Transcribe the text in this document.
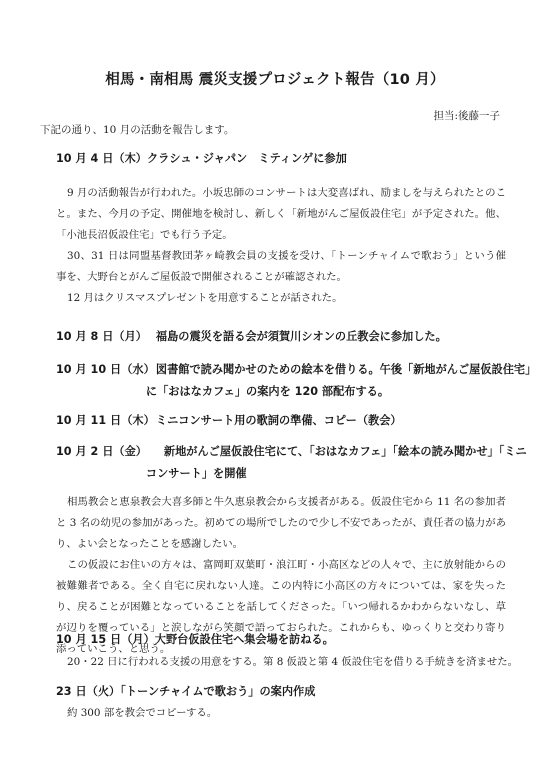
相馬・南相馬 震災支援プロジェクト報告（10 月）
担当:後藤一子
下記の通り、10 月の活動を報告します。
10 月 4 日（木）クラシュ・ジャパン　ミティンゲに参加
9 月の活動報告が行われた。小坂忠師のコンサートは大変喜ばれ、励ましを与えられたとのこと。また、今月の予定、開催地を検討し、新しく「新地がんご屋仮設住宅」が予定された。他、「小池長沼仮設住宅」でも行う予定。
30、31 日は同盟基督教団茅ヶ崎教会員の支援を受け、「トーンチャイムで歌おう」という催事を、大野台とがんご屋仮設で開催されることが確認された。
12 月はクリスマスプレゼントを用意することが話された。
10 月 8 日（月） 福島の震災を語る会が須賀川シオンの丘教会に参加した。
10 月 10 日（水） 図書館で読み聞かせのための絵本を借りる。午後「新地がんご屋仮設住宅」
に「おはなカフェ」の案内を 120 部配布する。
10 月 11 日（木） ミニコンサート用の歌詞の準備、コピー（教会）
10 月 2 日（金） 新地がんご屋仮設住宅にて、「おはなカフェ」「絵本の読み聞かせ」「ミニ
コンサート」を開催
相馬教会と恵泉教会大喜多師と牛久恵泉教会から支援者がある。仮設住宅から 11 名の参加者と 3 名の幼児の参加があった。初めての場所でしたので少し不安であったが、責任者の協力があり、よい会となったことを感謝したい。
この仮設にお住いの方々は、富岡町双葉町・浪江町・小高区などの人々で、主に放射能からの被難難者である。全く自宅に戻れない人達。この内特に小高区の方々については、家を失ったり、戻ることが困難となっていることを話してくださった。「いつ帰れるかわからないなし、草が辺りを覆っている」と涙しながら笑顔で語っておられた。これからも、ゆっくりと交わり寄り添っていこう、と思う。
10 月 15 日（月）大野台仮設住宅へ集会場を訪ねる。
20・22 日に行われる支援の用意をする。第 8 仮設と第 4 仮設住宅を借りる手続きを済ませた。
23 日（火）「トーンチャイムで歌おう」の案内作成
約 300 部を教会でコピーする。
